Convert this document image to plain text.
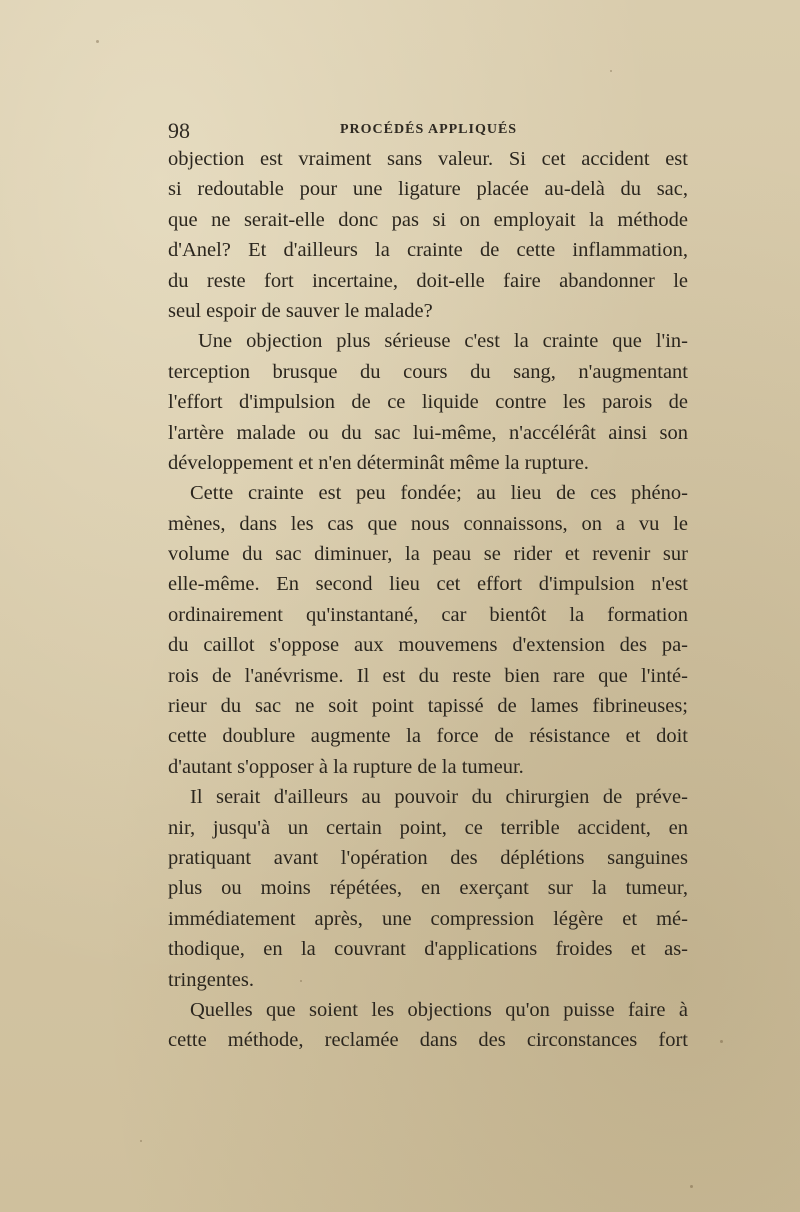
98	PROCÉDÉS APPLIQUÉS
objection est vraiment sans valeur. Si cet accident est
si redoutable pour une ligature placée au-delà du sac,
que ne serait-elle donc pas si on employait la méthode
d'Anel? Et d'ailleurs la crainte de cette inflammation,
du reste fort incertaine, doit-elle faire abandonner le
seul espoir de sauver le malade?
Une objection plus sérieuse c'est la crainte que l'in-
terception brusque du cours du sang, n'augmentant
l'effort d'impulsion de ce liquide contre les parois de
l'artère malade ou du sac lui-même, n'accélérât ainsi son
développement et n'en déterminât même la rupture.
Cette crainte est peu fondée; au lieu de ces phéno-
mènes, dans les cas que nous connaissons, on a vu le
volume du sac diminuer, la peau se rider et revenir sur
elle-même. En second lieu cet effort d'impulsion n'est
ordinairement qu'instantané, car bientôt la formation
du caillot s'oppose aux mouvemens d'extension des pa-
rois de l'anévrisme. Il est du reste bien rare que l'inté-
rieur du sac ne soit point tapissé de lames fibrineuses;
cette doublure augmente la force de résistance et doit
d'autant s'opposer à la rupture de la tumeur.
Il serait d'ailleurs au pouvoir du chirurgien de préve-
nir, jusqu'à un certain point, ce terrible accident, en
pratiquant avant l'opération des déplétions sanguines
plus ou moins répétées, en exerçant sur la tumeur,
immédiatement après, une compression légère et mé-
thodique, en la couvrant d'applications froides et as-
tringentes.
Quelles que soient les objections qu'on puisse faire à
cette méthode, reclamée dans des circonstances fort
